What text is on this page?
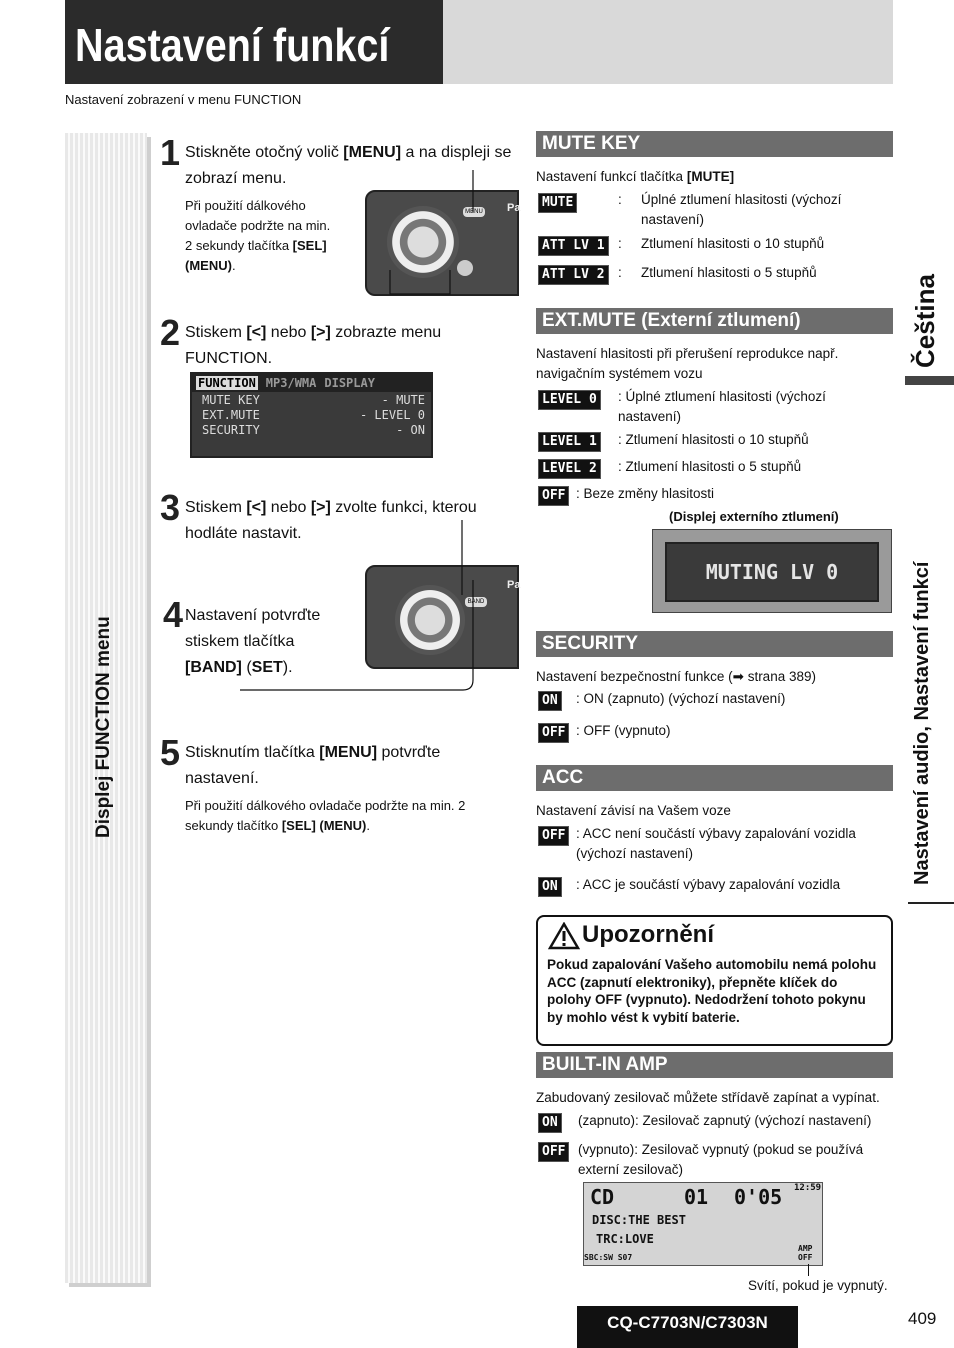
Nastavení funkcí
Nastavení zobrazení v menu FUNCTION
Displej FUNCTION menu
1 Stiskněte otočný volič [MENU] a na displeji se zobrazí menu.
Při použití dálkového ovladače podržte na min. 2 sekundy tlačítka [SEL] (MENU).
MENU Pa
2 Stiskem [<] nebo [>] zobrazte menu FUNCTION.
FUNCTION MP3/WMA DISPLAY
MUTE KEY	- MUTE
EXT.MUTE	- LEVEL 0
SECURITY	- ON
3 Stiskem [<] nebo [>] zvolte funkci, kterou hodláte nastavit.
BAND
Pa
4 Nastavení potvrďte stiskem tlačítka [BAND] (SET).
5 Stisknutím tlačítka [MENU] potvrďte nastavení.
Při použití dálkového ovladače podržte na min. 2 sekundy tlačítko [SEL] (MENU).
MUTE KEY
Nastavení funkcí tlačítka [MUTE]
MUTE	: Úplné ztlumení hlasitosti (výchozí nastavení)
ATT LV 1 : Ztlumení hlasitosti o 10 stupňů
ATT LV 2 : Ztlumení hlasitosti o 5 stupňů
EXT.MUTE (Externí ztlumení)
Nastavení hlasitosti při přerušení reprodukce např. navigačním systémem vozu
LEVEL 0 : Úplné ztlumení hlasitosti (výchozí nastavení)
LEVEL 1 : Ztlumení hlasitosti o 10 stupňů
LEVEL 2 : Ztlumení hlasitosti o 5 stupňů
OFF : Beze změny hlasitosti
(Displej externího ztlumení)
MUTING LV 0
SECURITY
Nastavení bezpečnostní funkce (➡ strana 389)
ON : ON (zapnuto) (výchozí nastavení)
OFF : OFF (vypnuto)
ACC
Nastavení závisí na Vašem voze
OFF : ACC není součástí výbavy zapalování vozidla (výchozí nastavení)
ON : ACC je součástí výbavy zapalování vozidla
Upozornění
Pokud zapalování Vašeho automobilu nemá polohu ACC (zapnutí elektroniky), přepněte klíček do polohy OFF (vypnuto). Nedodržení tohoto pokynu by mohlo vést k vybití baterie.
BUILT-IN AMP
Zabudovaný zesilovač můžete střídavě zapínat a vypínat.
ON (zapnuto): Zesilovač zapnutý (výchozí nastavení)
OFF (vypnuto): Zesilovač vypnutý (pokud se používá externí zesilovač)
CD	01 0'05 12:59
DISC:THE BEST
TRC:LOVE
SBC:SW S07
AMP
OFF
Svítí, pokud je vypnutý.
Čeština
Nastavení audio, Nastavení funkcí
CQ-C7703N/C7303N	409
